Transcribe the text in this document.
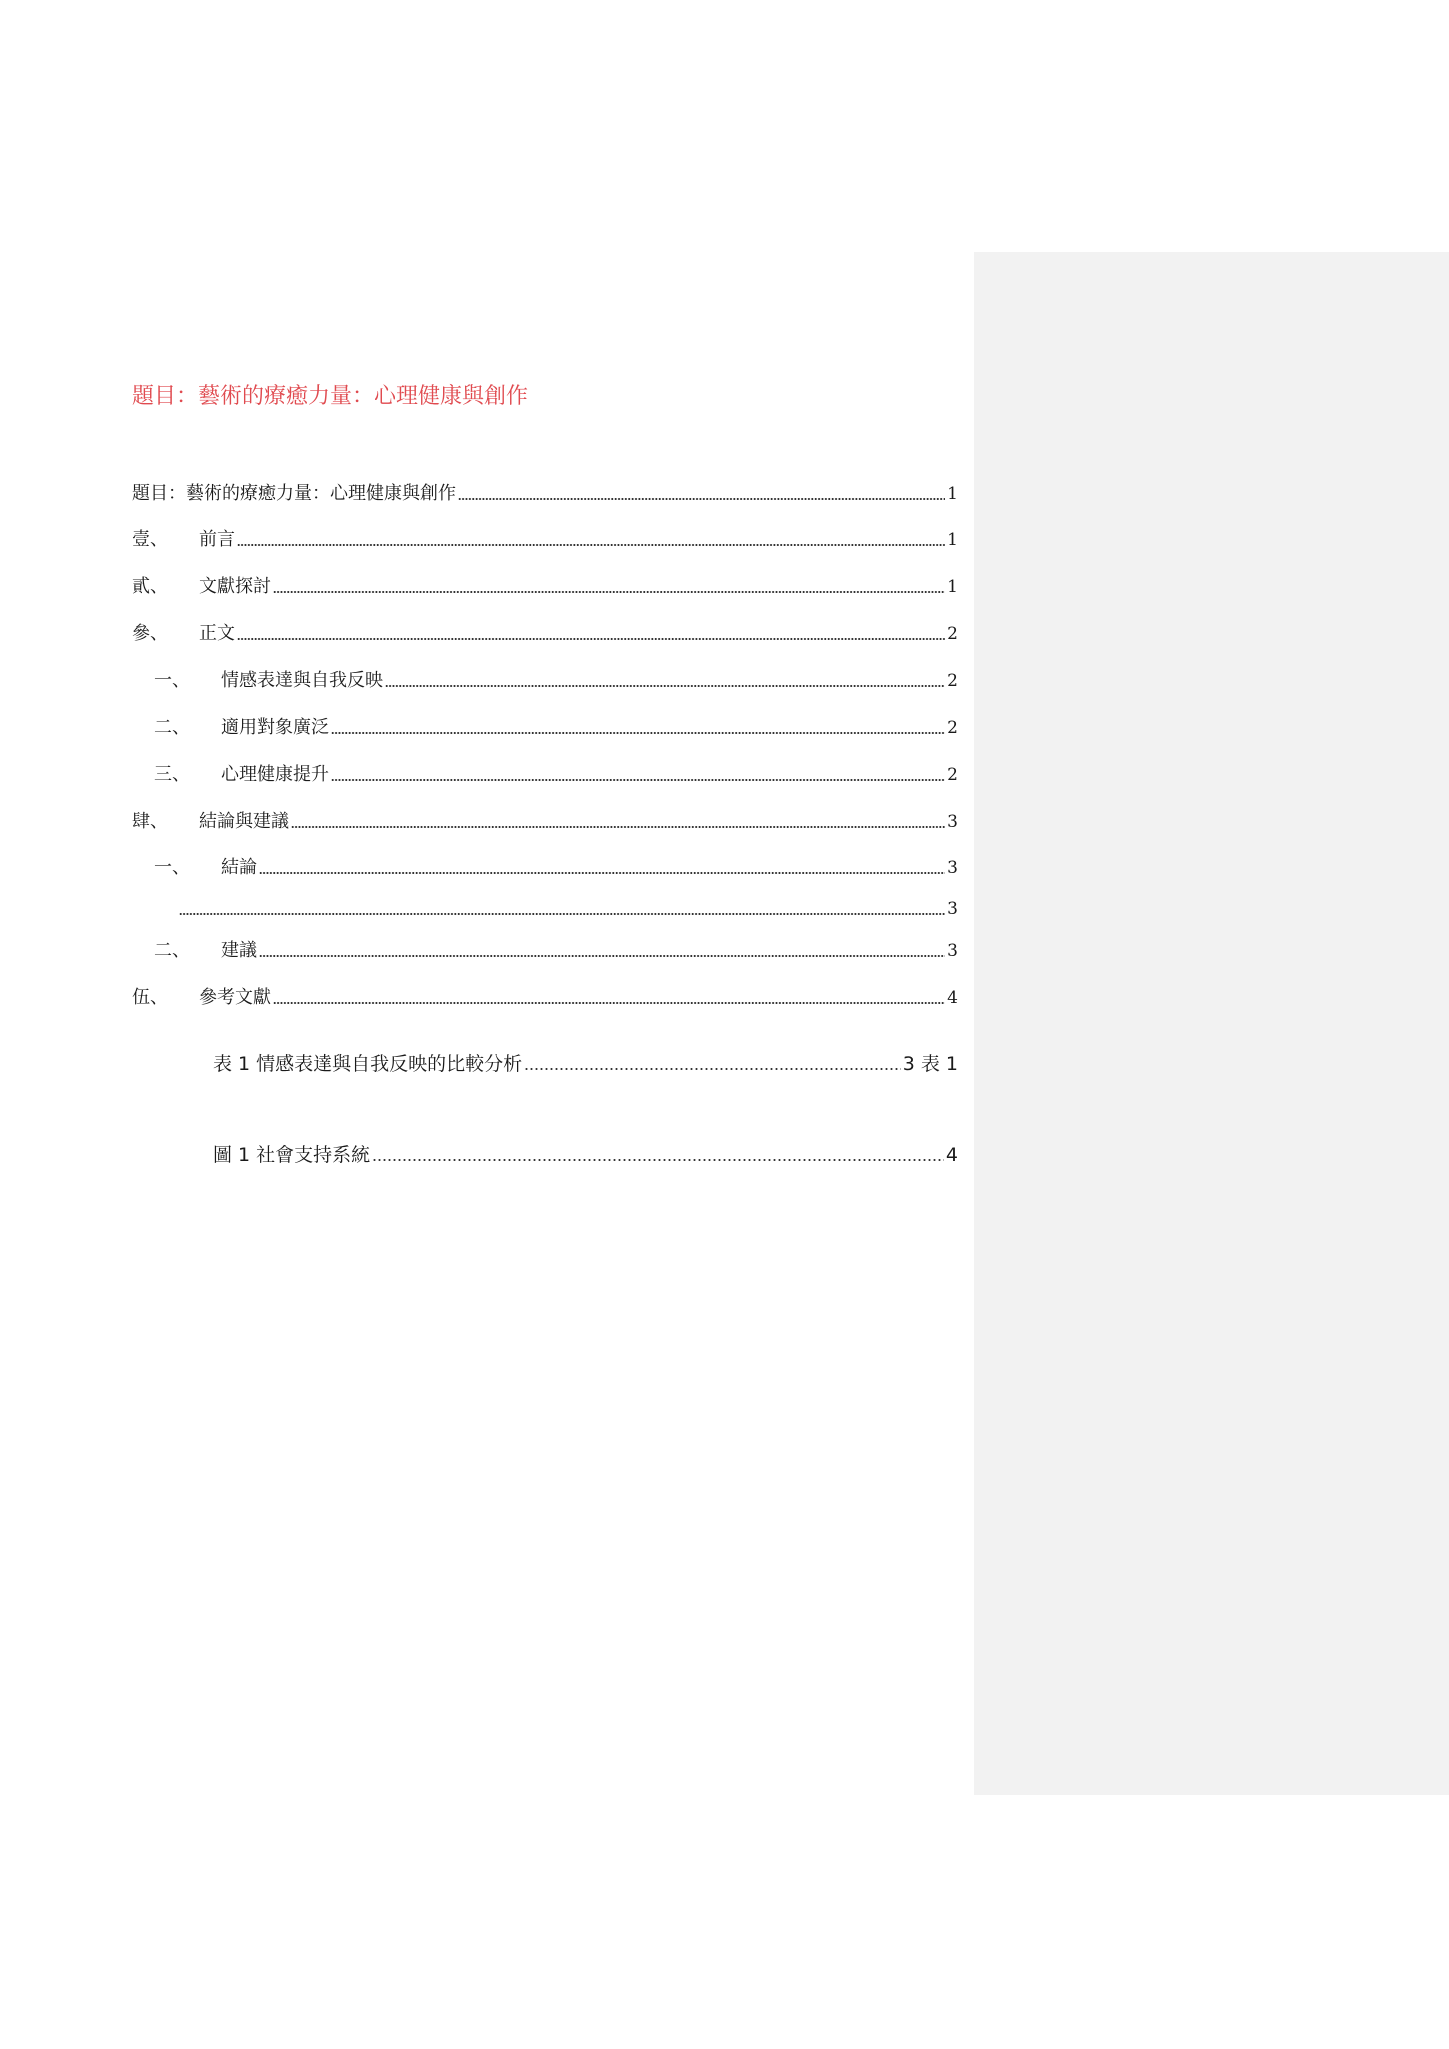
題目：藝術的療癒力量：心理健康與創作
題目：藝術的療癒力量：心理健康與創作	1
壹、	前言	1
貳、	文獻探討	1
參、	正文	2
一、	情感表達與自我反映	2
二、	適用對象廣泛	2
三、	心理健康提升	2
肆、	結論與建議	3
一、	結論	3
3
二、	建議	3
伍、	參考文獻	4
表 1 情感表達與自我反映的比較分析	3 表 1
圖 1 社會支持系統	4
